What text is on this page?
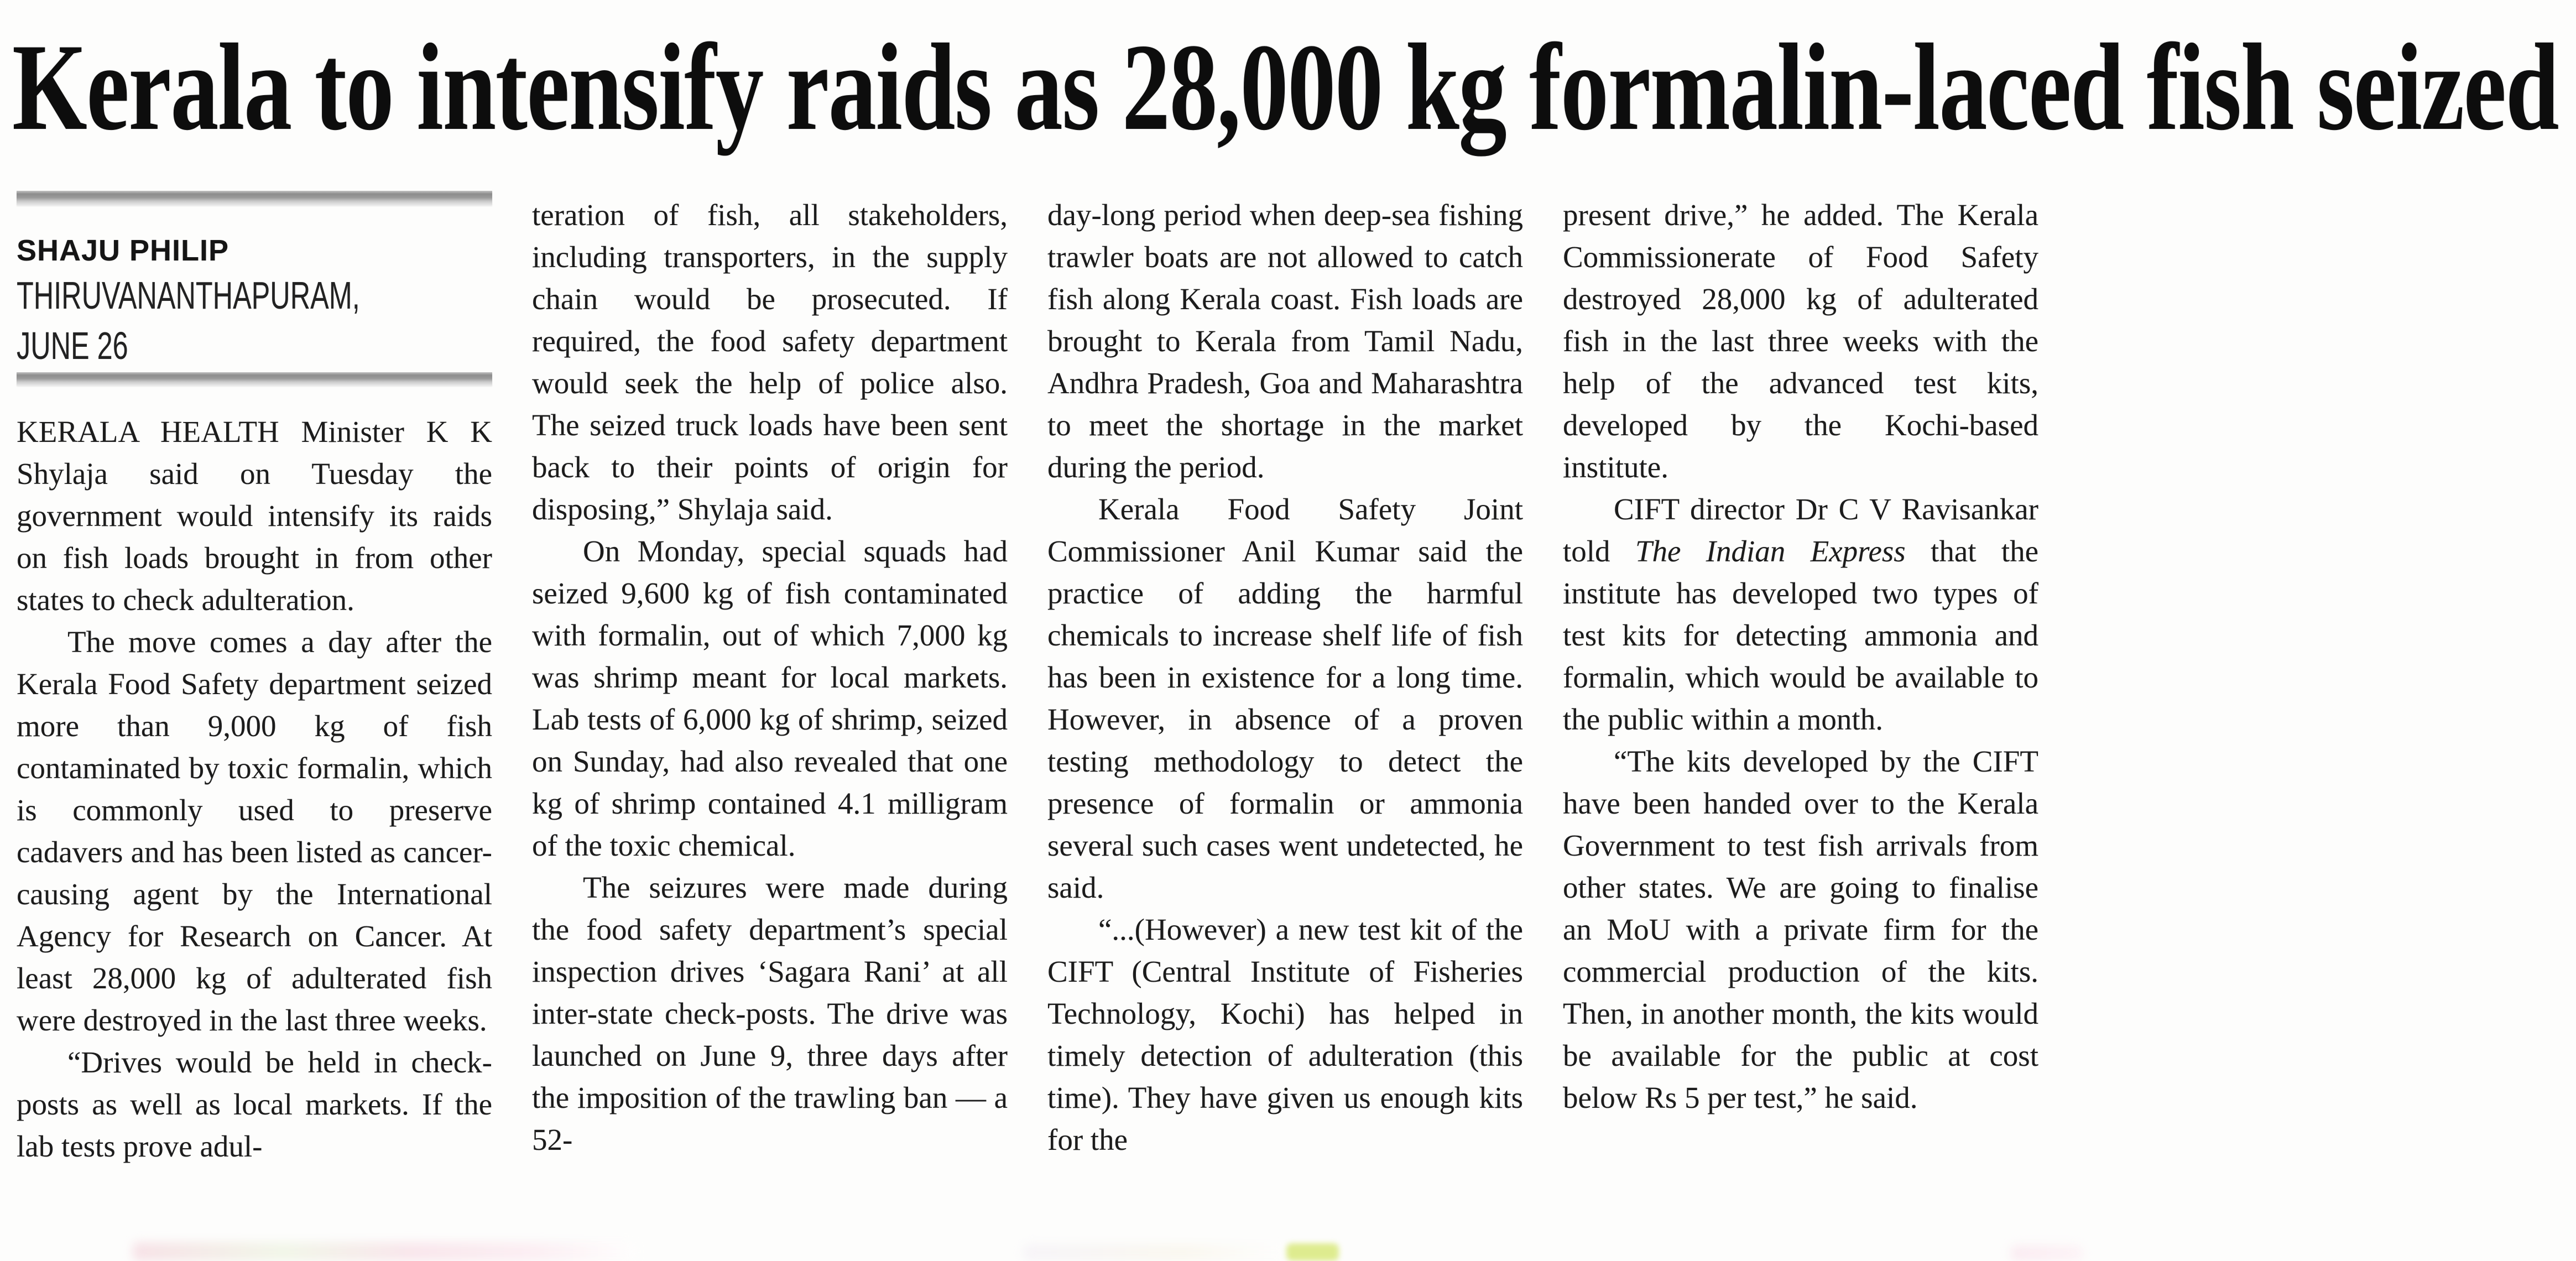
Kerala to intensify raids as 28,000 kg formalin-laced fish seized
SHAJU PHILIP
THIRUVANANTHAPURAM,
JUNE 26

KERALA HEALTH Minister K K Shylaja said on Tuesday the government would intensify its raids on fish loads brought in from other states to check adulteration.

The move comes a day after the Kerala Food Safety department seized more than 9,000 kg of fish contaminated by toxic formalin, which is commonly used to preserve cadavers and has been listed as cancer-causing agent by the International Agency for Research on Cancer. At least 28,000 kg of adulterated fish were destroyed in the last three weeks.

“Drives would be held in check-posts as well as local markets. If the lab tests prove adul-

teration of fish, all stakeholders, including transporters, in the supply chain would be prosecuted. If required, the food safety department would seek the help of police also. The seized truck loads have been sent back to their points of origin for disposing,” Shylaja said.

On Monday, special squads had seized 9,600 kg of fish contaminated with formalin, out of which 7,000 kg was shrimp meant for local markets. Lab tests of 6,000 kg of shrimp, seized on Sunday, had also revealed that one kg of shrimp contained 4.1 milligram of the toxic chemical.

The seizures were made during the food safety department’s special inspection drives ‘Sagara Rani’ at all inter-state check-posts. The drive was launched on June 9, three days after the imposition of the trawling ban — a 52-

day-long period when deep-sea fishing trawler boats are not allowed to catch fish along Kerala coast. Fish loads are brought to Kerala from Tamil Nadu, Andhra Pradesh, Goa and Maharashtra to meet the shortage in the market during the period.

Kerala Food Safety Joint Commissioner Anil Kumar said the practice of adding the harmful chemicals to increase shelf life of fish has been in existence for a long time. However, in absence of a proven testing methodology to detect the presence of formalin or ammonia several such cases went undetected, he said.

“...(However) a new test kit of the CIFT (Central Institute of Fisheries Technology, Kochi) has helped in timely detection of adulteration (this time). They have given us enough kits for the

present drive,” he added. The Kerala Commissionerate of Food Safety destroyed 28,000 kg of adulterated fish in the last three weeks with the help of the advanced test kits, developed by the Kochi-based institute.

CIFT director Dr C V Ravisankar told The Indian Express that the institute has developed two types of test kits for detecting ammonia and formalin, which would be available to the public within a month.

“The kits developed by the CIFT have been handed over to the Kerala Government to test fish arrivals from other states. We are going to finalise an MoU with a private firm for the commercial production of the kits. Then, in another month, the kits would be available for the public at cost below Rs 5 per test,” he said.
